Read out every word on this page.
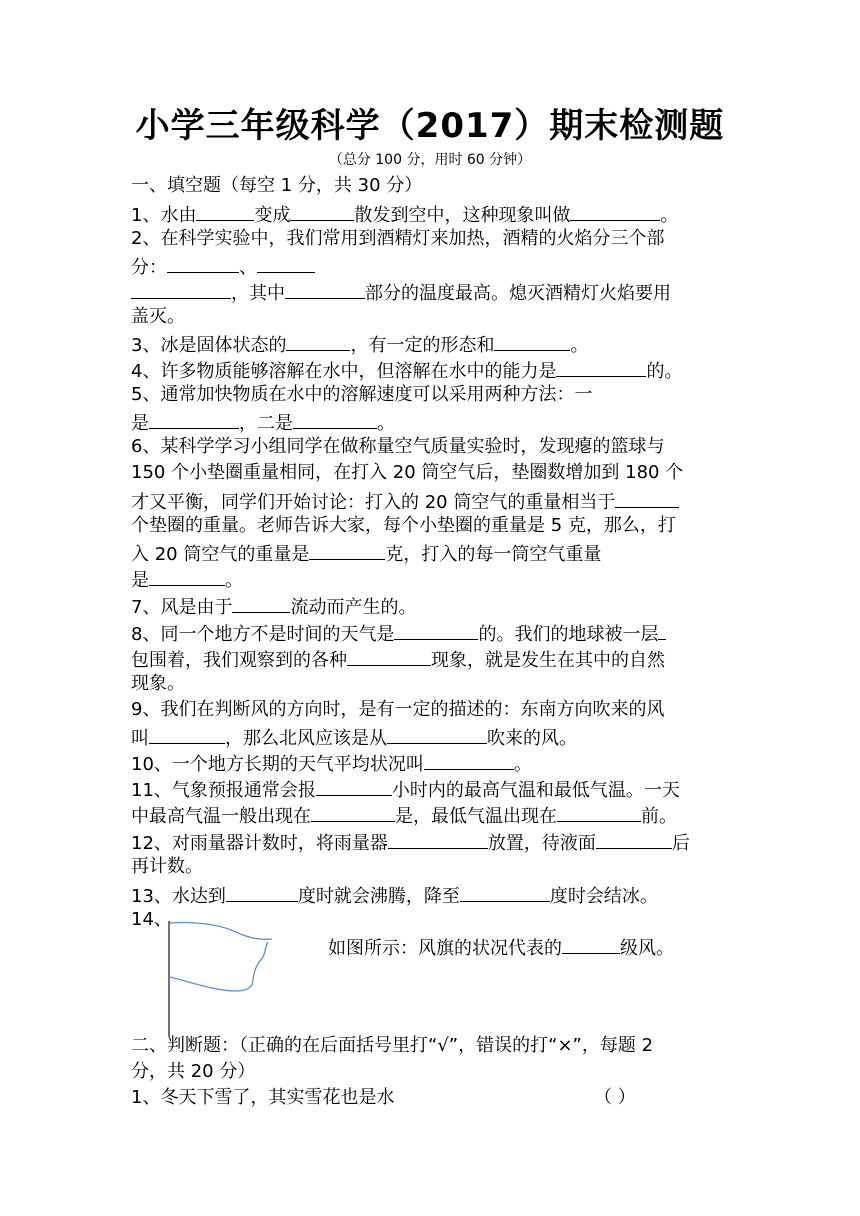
小学三年级科学（2017）期末检测题
（总分 100 分，用时 60 分钟）
一、填空题（每空 1 分，共 30 分）
1、水由	变成	散发到空中，这种现象叫做	。
2、在科学实验中，我们常用到酒精灯来加热，酒精的火焰分三个部
分：	、
，其中	部分的温度最高。熄灭酒精灯火焰要用
盖灭。
3、冰是固体状态的	，有一定的形态和	。
4、许多物质能够溶解在水中，但溶解在水中的能力是	的。
5、通常加快物质在水中的溶解速度可以采用两种方法：一
是	，二是	。
6、某科学学习小组同学在做称量空气质量实验时，发现瘪的篮球与
150 个小垫圈重量相同，在打入 20 筒空气后，垫圈数增加到 180 个
才又平衡，同学们开始讨论：打入的 20 筒空气的重量相当于
个垫圈的重量。老师告诉大家，每个小垫圈的重量是 5 克，那么，打
入 20 筒空气的重量是	克，打入的每一筒空气重量
是	。
7、风是由于	流动而产生的。
8、同一个地方不是时间的天气是	的。我们的地球被一层
包围着，我们观察到的各种	现象，就是发生在其中的自然
现象。
9、我们在判断风的方向时，是有一定的描述的：东南方向吹来的风
叫	，那么北风应该是从	吹来的风。
10、一个地方长期的天气平均状况叫	。
11、气象预报通常会报	小时内的最高气温和最低气温。一天
中最高气温一般出现在	是，最低气温出现在	前。
12、对雨量器计数时，将雨量器	放置，待液面	后
再计数。
13、水达到	度时就会沸腾，降至	度时会结冰。
14、
如图所示：风旗的状况代表的	级风。
二、判断题：（正确的在后面括号里打“√”，错误的打“×”，每题 2
分，共 20 分）
1、冬天下雪了，其实雪花也是水	（ ）
